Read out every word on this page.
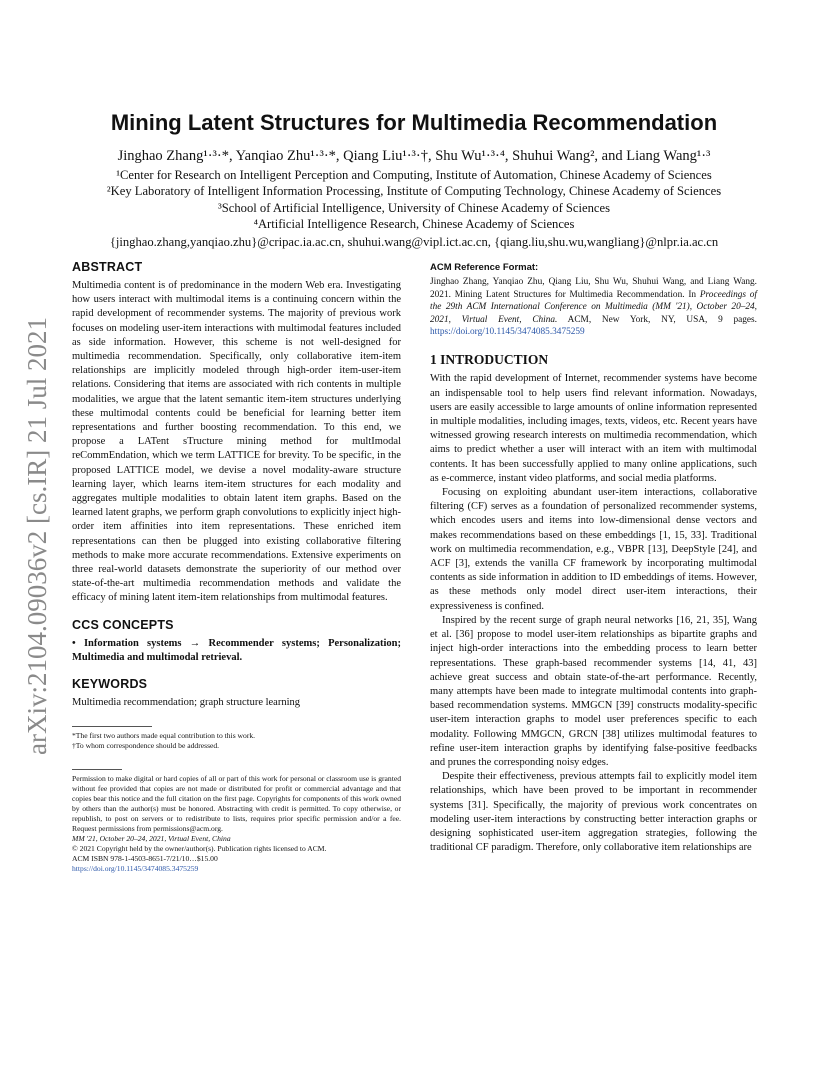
arXiv:2104.09036v2 [cs.IR] 21 Jul 2021
Mining Latent Structures for Multimedia Recommendation
Jinghao Zhang¹·³·*, Yanqiao Zhu¹·³·*, Qiang Liu¹·³·†, Shu Wu¹·³·⁴, Shuhui Wang², and Liang Wang¹·³
¹Center for Research on Intelligent Perception and Computing, Institute of Automation, Chinese Academy of Sciences
²Key Laboratory of Intelligent Information Processing, Institute of Computing Technology, Chinese Academy of Sciences
³School of Artificial Intelligence, University of Chinese Academy of Sciences
⁴Artificial Intelligence Research, Chinese Academy of Sciences
{jinghao.zhang,yanqiao.zhu}@cripac.ia.ac.cn, shuhui.wang@vipl.ict.ac.cn, {qiang.liu,shu.wu,wangliang}@nlpr.ia.ac.cn
ABSTRACT

Multimedia content is of predominance in the modern Web era. Investigating how users interact with multimodal items is a continuing concern within the rapid development of recommender systems. The majority of previous work focuses on modeling user-item interactions with multimodal features included as side information. However, this scheme is not well-designed for multimedia recommendation. Specifically, only collaborative item-item relationships are implicitly modeled through high-order item-user-item relations. Considering that items are associated with rich contents in multiple modalities, we argue that the latent semantic item-item structures underlying these multimodal contents could be beneficial for learning better item representations and further boosting recommendation. To this end, we propose a LATent sTructure mining method for multImodal reCommEndation, which we term LATTICE for brevity. To be specific, in the proposed LATTICE model, we devise a novel modality-aware structure learning layer, which learns item-item structures for each modality and aggregates multiple modalities to obtain latent item graphs. Based on the learned latent graphs, we perform graph convolutions to explicitly inject high-order item affinities into item representations. These enriched item representations can then be plugged into existing collaborative filtering methods to make more accurate recommendations. Extensive experiments on three real-world datasets demonstrate the superiority of our method over state-of-the-art multimedia recommendation methods and validate the efficacy of mining latent item-item relationships from multimodal features.

CCS CONCEPTS

• Information systems → Recommender systems; Personalization; Multimedia and multimodal retrieval.

KEYWORDS

Multimedia recommendation; graph structure learning

*The first two authors made equal contribution to this work.
†To whom correspondence should be addressed.
Permission to make digital or hard copies of all or part of this work for personal or classroom use is granted without fee provided that copies are not made or distributed for profit or commercial advantage and that copies bear this notice and the full citation on the first page. Copyrights for components of this work owned by others than the author(s) must be honored. Abstracting with credit is permitted. To copy otherwise, or republish, to post on servers or to redistribute to lists, requires prior specific permission and/or a fee. Request permissions from permissions@acm.org.
MM '21, October 20–24, 2021, Virtual Event, China
© 2021 Copyright held by the owner/author(s). Publication rights licensed to ACM.
ACM ISBN 978-1-4503-8651-7/21/10…$15.00
https://doi.org/10.1145/3474085.3475259
ACM Reference Format:
Jinghao Zhang, Yanqiao Zhu, Qiang Liu, Shu Wu, Shuhui Wang, and Liang Wang. 2021. Mining Latent Structures for Multimedia Recommendation. In Proceedings of the 29th ACM International Conference on Multimedia (MM '21), October 20–24, 2021, Virtual Event, China. ACM, New York, NY, USA, 9 pages. https://doi.org/10.1145/3474085.3475259
1 INTRODUCTION

With the rapid development of Internet, recommender systems have become an indispensable tool to help users find relevant information. Nowadays, users are easily accessible to large amounts of online information represented in multiple modalities, including images, texts, videos, etc. Recent years have witnessed growing research interests on multimedia recommendation, which aims to predict whether a user will interact with an item with multimodal contents. It has been successfully applied to many online applications, such as e-commerce, instant video platforms, and social media platforms.

Focusing on exploiting abundant user-item interactions, collaborative filtering (CF) serves as a foundation of personalized recommender systems, which encodes users and items into low-dimensional dense vectors and makes recommendations based on these embeddings [1, 15, 33]. Traditional work on multimedia recommendation, e.g., VBPR [13], DeepStyle [24], and ACF [3], extends the vanilla CF framework by incorporating multimodal contents as side information in addition to ID embeddings of items. However, as these methods only model direct user-item interactions, their expressiveness is confined.

Inspired by the recent surge of graph neural networks [16, 21, 35], Wang et al. [36] propose to model user-item relationships as bipartite graphs and inject high-order interactions into the embedding process to learn better representations. These graph-based recommender systems [14, 41, 43] achieve great success and obtain state-of-the-art performance. Recently, many attempts have been made to integrate multimodal contents into graph-based recommendation systems. MMGCN [39] constructs modality-specific user-item interaction graphs to model user preferences specific to each modality. Following MMGCN, GRCN [38] utilizes multimodal features to refine user-item interaction graphs by identifying false-positive feedbacks and prunes the corresponding noisy edges.

Despite their effectiveness, previous attempts fail to explicitly model item relationships, which have been proved to be important in recommender systems [31]. Specifically, the majority of previous work concentrates on modeling user-item interactions by constructing better interaction graphs or designing sophisticated user-item aggregation strategies, following the traditional CF paradigm. Therefore, only collaborative item relationships are
